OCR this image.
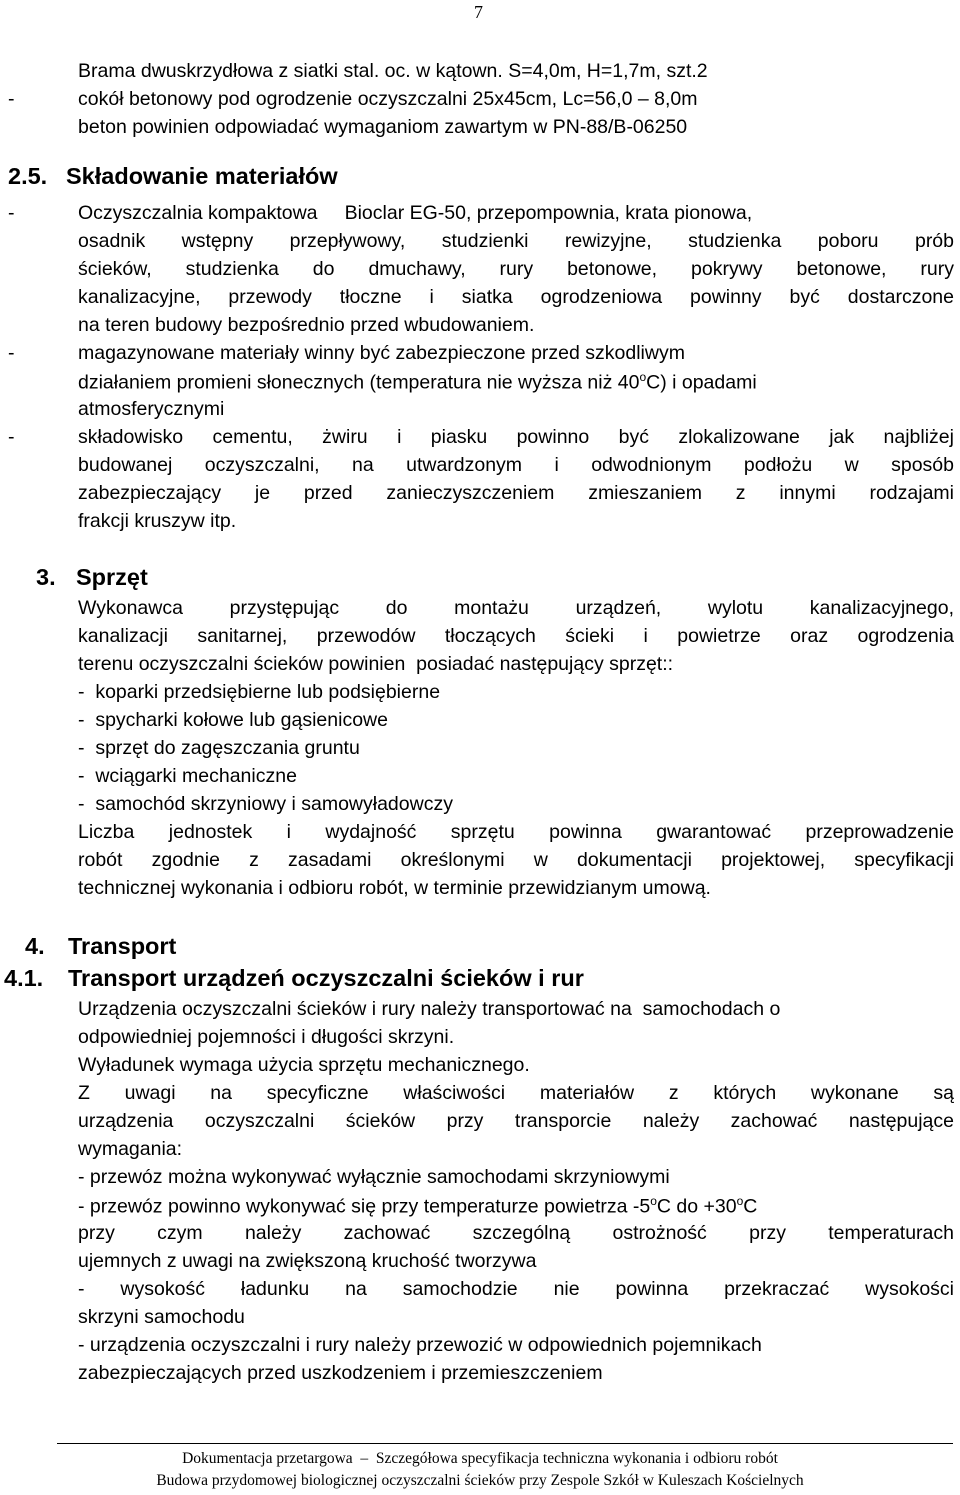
7
Brama dwuskrzydłowa z siatki stal. oc. w kątown. S=4,0m, H=1,7m, szt.2
-	cokół betonowy pod ogrodzenie oczyszczalni 25x45cm, Lc=56,0 – 8,0m
beton powinien odpowiadać wymaganiom zawartym w PN-88/B-06250
2.5. Składowanie materiałów
-	Oczyszczalnia kompaktowa     Bioclar EG-50, przepompownia, krata pionowa,
osadnik wstępny przepływowy, studzienki rewizyjne, studzienka poboru prób
ścieków, studzienka do dmuchawy, rury betonowe, pokrywy betonowe, rury
kanalizacyjne, przewody tłoczne i siatka ogrodzeniowa powinny być dostarczone
na teren budowy bezpośrednio przed wbudowaniem.
-	magazynowane materiały winny być zabezpieczone przed szkodliwym
działaniem promieni słonecznych (temperatura nie wyższa niż 40$^o$C) i opadami
atmosferycznymi
-	składowisko cementu, żwiru i piasku powinno być zlokalizowane jak najbliżej
budowanej oczyszczalni, na utwardzonym i odwodnionym podłożu w sposób
zabezpieczający je przed zanieczyszczeniem zmieszaniem z innymi rodzajami
frakcji kruszyw itp.
3. Sprzęt
Wykonawca przystępując do montażu urządzeń, wylotu kanalizacyjnego,
kanalizacji sanitarnej, przewodów tłoczących ścieki i powietrze oraz ogrodzenia
terenu oczyszczalni ścieków powinien  posiadać następujący sprzęt::
-  koparki przedsiębierne lub podsiębierne
-  spycharki kołowe lub gąsienicowe
-  sprzęt do zagęszczania gruntu
-  wciągarki mechaniczne
-  samochód skrzyniowy i samowyładowczy
Liczba jednostek i wydajność sprzętu powinna gwarantować przeprowadzenie
robót zgodnie z zasadami określonymi w dokumentacji projektowej, specyfikacji
technicznej wykonania i odbioru robót, w terminie przewidzianym umową.
4. Transport
4.1. Transport urządzeń oczyszczalni ścieków i rur
Urządzenia oczyszczalni ścieków i rury należy transportować na  samochodach o
odpowiedniej pojemności i długości skrzyni.
Wyładunek wymaga użycia sprzętu mechanicznego.
Z uwagi na specyficzne właściwości materiałów z których wykonane są
urządzenia oczyszczalni ścieków przy transporcie należy zachować następujące
wymagania:
- przewóz można wykonywać wyłącznie samochodami skrzyniowymi
- przewóz powinno wykonywać się przy temperaturze powietrza -5$^o$C do $+30^oC$
przy czym należy zachować szczególną ostrożność przy temperaturach
ujemnych z uwagi na zwiększoną kruchość tworzywa
- wysokość ładunku na samochodzie nie powinna przekraczać wysokości
skrzyni samochodu
- urządzenia oczyszczalni i rury należy przewozić w odpowiednich pojemnikach
zabezpieczających przed uszkodzeniem i przemieszczeniem
Dokumentacja przetargowa  –  Szczegółowa specyfikacja techniczna wykonania i odbioru robót
Budowa przydomowej biologicznej oczyszczalni ścieków przy Zespole Szkół w Kuleszach Kościelnych
